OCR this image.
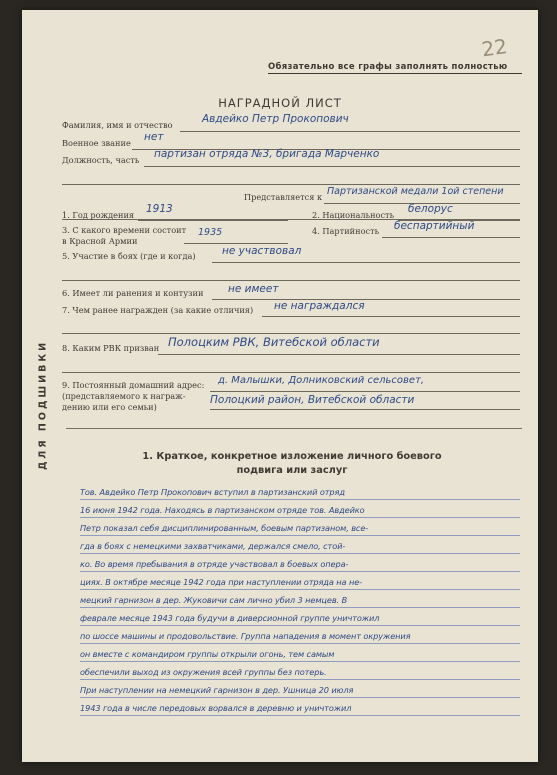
22
Обязательно все графы заполнять полностью
НАГРАДНОЙ ЛИСТ
Фамилия, имя и отчество	Авдейко Петр Прокопович
Военное звание нет
Должность, часть партизан отряда №3, бригада Марченко
Представляется к Партизанской медали 1ой степени
1. Год рождения 1913	2. Национальность белорус
3. С какого времени состоит
в Красной Армии
1935	4. Партийность беспартийный
5. Участие в боях (где и когда)	не участвовал
6. Имеет ли ранения и контузии не имеет
7. Чем ранее награжден (за какие отличия) не награждался
8. Каким РВК призван Полоцким РВК, Витебской области
9. Постоянный домашний адрес:
(представляемого к награж-
дению или его семьи)
д. Малышки, Долниковский сельсовет,
Полоцкий район, Витебской области
ДЛЯ ПОДШИВКИ	1. Краткое, конкретное изложение личного боевого
подвига или заслуг
Тов. Авдейко Петр Прокопович вступил в партизанский отряд
16 июня 1942 года. Находясь в партизанском отряде тов. Авдейко
Петр показал себя дисциплинированным, боевым партизаном, все-
гда в боях с немецкими захватчиками, держался смело, стой-
ко. Во время пребывания в отряде участвовал в боевых опера-
циях. В октябре месяце 1942 года при наступлении отряда на не-
мецкий гарнизон в дер. Жуковичи сам лично убил 3 немцев. В
феврале месяце 1943 года будучи в диверсионной группе уничтожил
по шоссе машины и продовольствие. Группа нападения в момент окружения
он вместе с командиром группы открыли огонь, тем самым
обеспечили выход из окружения всей группы без потерь.
При наступлении на немецкий гарнизон в дер. Ушница 20 июля
1943 года в числе передовых ворвался в деревню и уничтожил
